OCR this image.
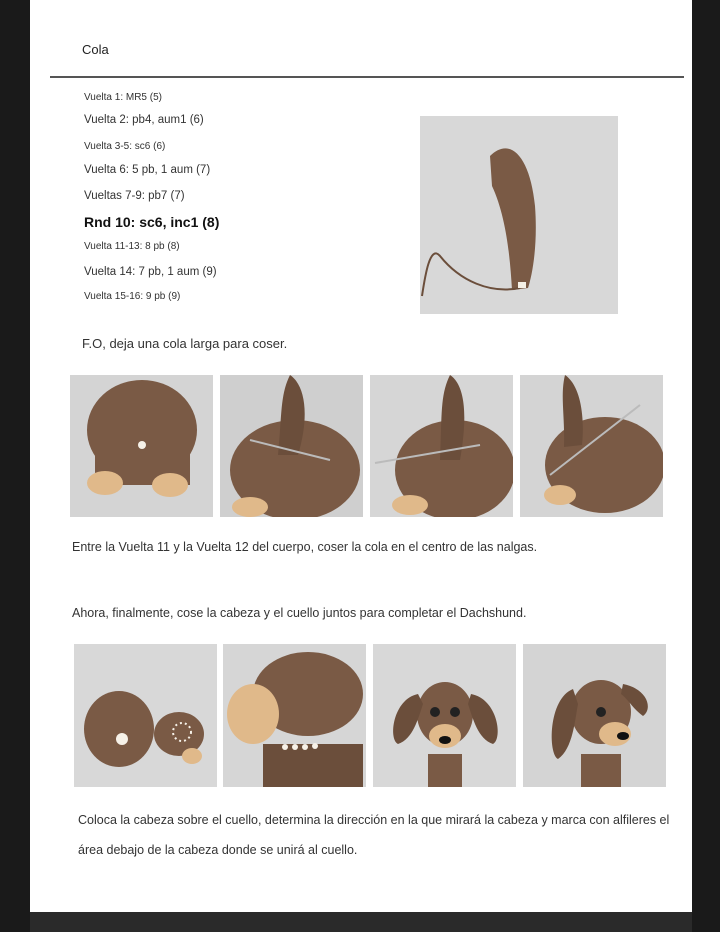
Cola
Vuelta 1: MR5 (5)
Vuelta 2: pb4, aum1 (6)
Vuelta 3-5: sc6 (6)
Vuelta 6: 5 pb, 1 aum (7)
Vueltas 7-9: pb7 (7)
Rnd 10: sc6, inc1 (8)
Vuelta 11-13: 8 pb (8)
Vuelta 14: 7 pb, 1 aum (9)
Vuelta 15-16: 9 pb (9)
F.O, deja una cola larga para coser.
Entre la Vuelta 11 y la Vuelta 12 del cuerpo, coser la cola en el centro de las nalgas.
Ahora, finalmente, cose la cabeza y el cuello juntos para completar el Dachshund.
Coloca la cabeza sobre el cuello, determina la dirección en la que mirará la cabeza y marca con alfileres el área debajo de la cabeza donde se unirá al cuello.
